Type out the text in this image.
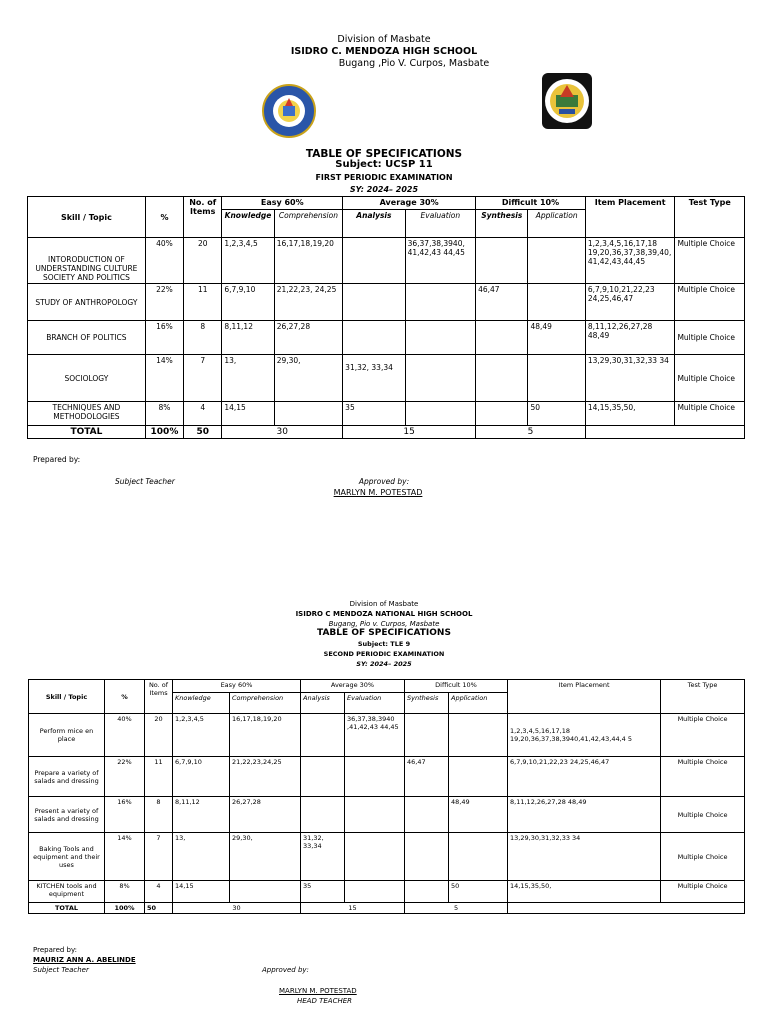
Division of Masbate
ISIDRO C. MENDOZA HIGH SCHOOL
Bugang ,Pio V. Curpos, Masbate
TABLE OF SPECIFICATIONS
Subject: UCSP 11
FIRST PERIODIC EXAMINATION
SY: 2024– 2025
Skill / Topic	%	No. of Items	Easy 60%		Average 30%		Difficult 10%		Item Placement	Test Type
			Knowledge	Comprehension	Analysis	Evaluation	Synthesis	Application		
INTORODUCTION OF UNDERSTANDING CULTURE SOCIETY AND POLITICS	40%	20	1,2,3,4,5	16,17,18,19,20		36,37,38,3940, 41,42,43 44,45			1,2,3,4,5,16,17,18 19,20,36,37,38,39,40, 41,42,43,44,45	Multiple Choice
STUDY OF ANTHROPOLOGY	22%	11	6,7,9,10	21,22,23, 24,25			46,47		6,7,9,10,21,22,23 24,25,46,47	Multiple Choice
BRANCH OF POLITICS	16%	8	8,11,12	26,27,28				48,49	8,11,12,26,27,28 48,49	Multiple Choice
SOCIOLOGY	14%	7	13,	29,30,	31,32, 33,34				13,29,30,31,32,33 34	Multiple Choice
TECHNIQUES AND METHODOLOGIES	8%	4	14,15		35			50	14,15,35,50,	Multiple Choice
TOTAL	100%	50	30		15		5			
Prepared by:
Subject Teacher	Approved by:
MARLYN M. POTESTAD
Division of Masbate
ISIDRO C MENDOZA NATIONAL HIGH SCHOOL
Bugang, Pio v. Curpos, Masbate
TABLE OF SPECIFICATIONS
Subject: TLE 9
SECOND PERIODIC EXAMINATION
SY: 2024– 2025
Skill / Topic	%	No. of Items	Easy 60%		Average 30%		Difficult 10%		Item Placement	Test Type
			Knowledge	Comprehension	Analysis	Evaluation	Synthesis	Application		
Perform mice en place	40%	20	1,2,3,4,5	16,17,18,19,20		36,37,38,3940 ,41,42,43 44,45			1,2,3,4,5,16,17,18 19,20,36,37,38,3940,41,42,43,44,4 5	Multiple Choice
Prepare a variety of salads and dressing	22%	11	6,7,9,10	21,22,23,24,25			46,47		6,7,9,10,21,22,23 24,25,46,47	Multiple Choice
Present a variety of salads and dressing	16%	8	8,11,12	26,27,28				48,49	8,11,12,26,27,28 48,49	Multiple Choice
Baking Tools and equipment and their uses	14%	7	13,	29,30,	31,32, 33,34				13,29,30,31,32,33 34	Multiple Choice
KITCHEN tools and equipment	8%	4	14,15		35			50	14,15,35,50,	Multiple Choice
TOTAL	100%	50	30		15		5			
Prepared by:
MAURIZ ANN A. ABELINDE
Subject Teacher	Approved by:
MARLYN M. POTESTAD
HEAD TEACHER
